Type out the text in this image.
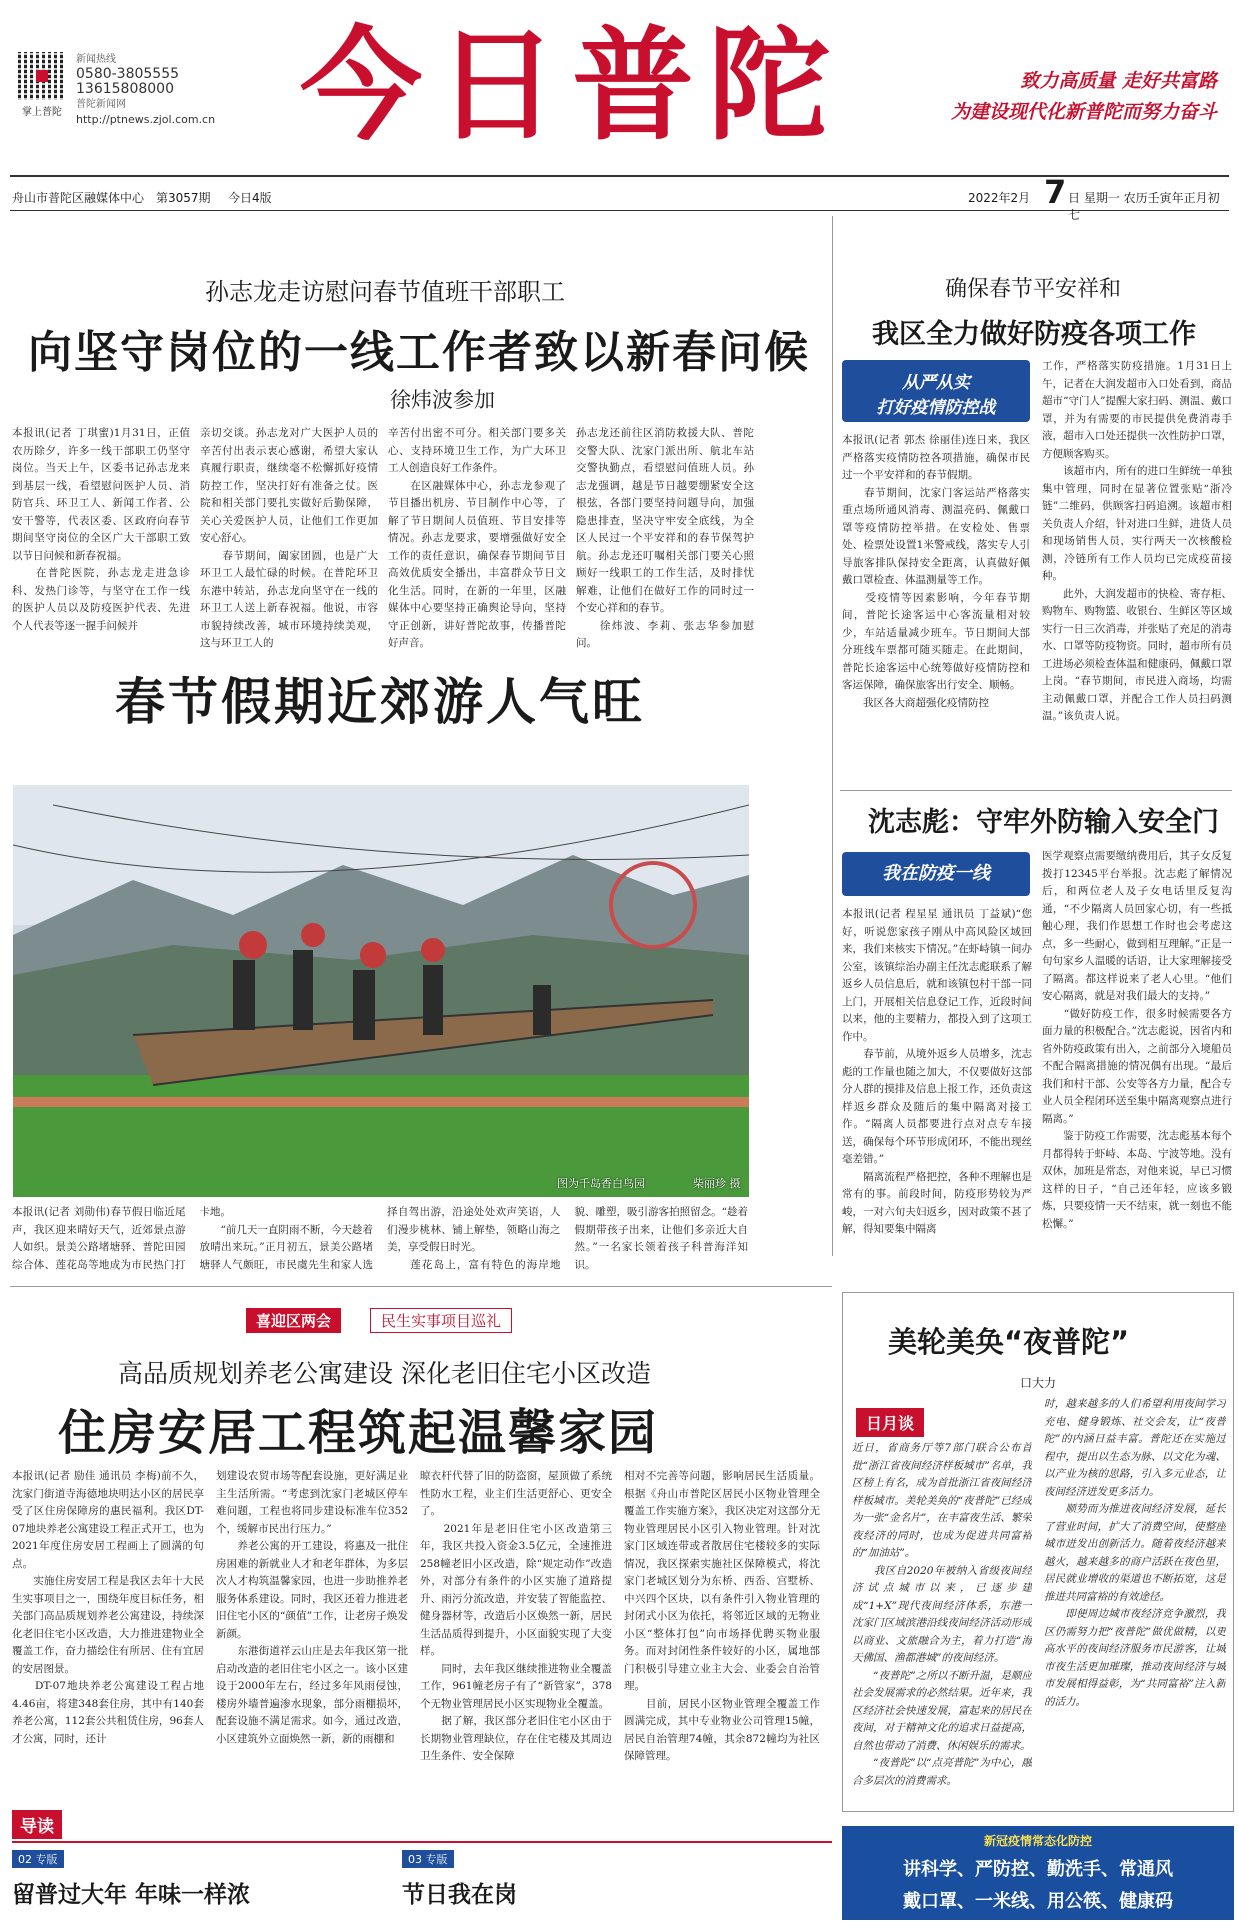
掌上普陀
新闻热线
0580-3805555
13615808000
普陀新闻网
http://ptnews.zjol.com.cn 今日普陀	致力高质量 走好共富路
为建设现代化新普陀而努力奋斗
舟山市普陀区融媒体中心 第3057期 今日4版	2022年2月 7 日 星期一 农历壬寅年正月初七
孙志龙走访慰问春节值班干部职工
向坚守岗位的一线工作者致以新春问候
徐炜波参加
本报讯(记者 丁琪蜜)1月31日，正值农历除夕，许多一线干部职工仍坚守岗位。当天上午，区委书记孙志龙来到基层一线，看望慰问医护人员、消防官兵、环卫工人、新闻工作者、公安干警等，代表区委、区政府向春节期间坚守岗位的全区广大干部职工致以节日问候和新春祝福。
　　在普陀医院，孙志龙走进急诊科、发热门诊等，与坚守在工作一线的医护人员以及防疫医护代表、先进个人代表等逐一握手问候并
亲切交谈。孙志龙对广大医护人员的辛苦付出表示衷心感谢，希望大家认真履行职责，继续毫不松懈抓好疫情防控工作，坚决打好有准备之仗。医院和相关部门要扎实做好后勤保障，关心关爱医护人员，让他们工作更加安心舒心。
　　春节期间，阖家团圆，也是广大环卫工人最忙碌的时候。在普陀环卫东港中转站，孙志龙向坚守在一线的环卫工人送上新春祝福。他说，市容市貌持续改善，城市环境持续美观，这与环卫工人的
辛苦付出密不可分。相关部门要多关心、支持环境卫生工作，为广大环卫工人创造良好工作条件。
　　在区融媒体中心，孙志龙参观了节目播出机房、节目制作中心等，了解了节日期间人员值班、节目安排等情况。孙志龙要求，要增强做好安全工作的责任意识，确保春节期间节目高效优质安全播出，丰富群众节日文化生活。同时，在新的一年里，区融媒体中心要坚持正确舆论导向，坚持守正创新，讲好普陀故事，传播普陀好声音。
孙志龙还前往区消防救援大队、普陀交警大队、沈家门派出所、航北车站交警执勤点，看望慰问值班人员。孙志龙强调，越是节日越要绷紧安全这根弦，各部门要坚持问题导向，加强隐患排查，坚决守牢安全底线，为全区人民过一个平安祥和的春节保驾护航。孙志龙还叮嘱相关部门要关心照顾好一线职工的工作生活，及时排忧解难，让他们在做好工作的同时过一个安心祥和的春节。
　　徐炜波、李莉、张志华参加慰问。
确保春节平安祥和
我区全力做好防疫各项工作
从严从实
打好疫情防控战
本报讯(记者 郭杰 徐丽佳)连日来，我区严格落实疫情防控各项措施，确保市民过一个平安祥和的春节假期。
　　春节期间，沈家门客运站严格落实重点场所通风消毒、测温亮码、佩戴口罩等疫情防控举措。在安检处、售票处、检票处设置1米警戒线，落实专人引导旅客排队保持安全距离，认真做好佩戴口罩检查、体温测量等工作。
　　受疫情等因素影响，今年春节期间，普陀长途客运中心客流量相对较少，车站适量减少班车。节日期间大部分班线车票都可随买随走。在此期间，普陀长途客运中心统筹做好疫情防控和客运保障，确保旅客出行安全、顺畅。
　　我区各大商超强化疫情防控
工作，严格落实防疫措施。1月31日上午，记者在大润发超市入口处看到，商品超市“守门人”提醒大家扫码、测温、戴口罩，并为有需要的市民提供免费消毒手液，超市入口处还提供一次性防护口罩，方便顾客购买。
　　该超市内，所有的进口生鲜统一单独集中管理，同时在显著位置张贴“浙冷链”二维码，供顾客扫码追溯。该超市相关负责人介绍，针对进口生鲜，进货人员和现场销售人员，实行两天一次核酸检测，冷链所有工作人员均已完成疫苗接种。
　　此外，大润发超市的快检、寄存柜、购物车、购物篮、收银台、生鲜区等区域实行一日三次消毒，并张贴了充足的消毒水、口罩等防疫物资。同时，超市所有员工进场必须检查体温和健康码，佩戴口罩上岗。“春节期间，市民进入商场，均需主动佩戴口罩，并配合工作人员扫码测温。”该负责人说。
春节假期近郊游人气旺
图为千岛香白鸟园	柴丽珍 摄
本报讯(记者 刘勋伟)春节假日临近尾声，我区迎来晴好天气，近郊景点游人如织。景美公路堵塘驿、普陀田园综合体、莲花岛等地成为市民热门打卡地。
　　“前几天一直阴雨不断，今天趁着放晴出来玩。”正月初五，景美公路堵塘驿人气颇旺，市民虞先生和家人选择自驾出游，沿途处处欢声笑语，人们漫步桃林、铺上解垫，领略山海之美，享受假日时光。
　　莲花岛上，富有特色的海岸地貌、雕塑，吸引游客拍照留念。“趁着假期带孩子出来，让他们多亲近大自然。”一名家长领着孩子科普海洋知识。
沈志彪：守牢外防输入安全门
我在防疫一线
本报讯(记者 程星星 通讯员 丁益斌)“您好，听说您家孩子刚从中高风险区域回来，我们来核实下情况。”在虾峙镇一间办公室，该镇综治办副主任沈志彪联系了解返乡人员信息后，就和该镇包村干部一同上门，开展相关信息登记工作，近段时间以来，他的主要精力，都投入到了这项工作中。
　　春节前，从境外返乡人员增多，沈志彪的工作量也随之加大，不仅要做好这部分人群的摸排及信息上报工作，还负责这样返乡群众及随后的集中隔离对接工作。“隔离人员都要进行点对点专车接送，确保每个环节形成闭环，不能出现丝毫差错。”
　　隔离流程严格把控，各种不理解也是常有的事。前段时间，防疫形势较为严峻，一对六旬夫妇返乡，因对政策不甚了解，得知要集中隔离
医学观察点需要缴纳费用后，其子女反复拨打12345平台举报。沈志彪了解情况后，和两位老人及子女电话里反复沟通，“不少隔离人员回家心切，有一些抵触心理，我们作思想工作时也会考虑这点，多一些耐心，做到相互理解。”正是一句句家乡人温暖的话语，让大家理解接受了隔离。都这样说来了老人心里。“他们安心隔离，就是对我们最大的支持。”
　　“做好防疫工作，很多时候需要各方面力量的积极配合。”沈志彪说，因省内和省外防疫政策有出入，之前部分入境船员不配合隔离措施的情况偶有出现。“最后我们和村干部、公安等各方力量，配合专业人员全程闭环送至集中隔离观察点进行隔离。”
　　鉴于防疫工作需要，沈志彪基本每个月都得转于虾峙、本岛、宁波等地。没有双休，加班是常态，对他来说，早已习惯这样的日子，“自己还年轻，应该多锻炼，只要疫情一天不结束，就一刻也不能松懈。”
喜迎区两会	民生实事项目巡礼
高品质规划养老公寓建设 深化老旧住宅小区改造
住房安居工程筑起温馨家园
本报讯(记者 励佳 通讯员 李梅)前不久，沈家门街道寺海德地块明达小区的居民享受了区住房保障房的惠民福利。我区DT-07地块养老公寓建设工程正式开工，也为2021年度住房安居工程画上了圆满的句点。
　　实施住房安居工程是我区去年十大民生实事项目之一，围绕年度目标任务，相关部门高品质规划养老公寓建设，持续深化老旧住宅小区改造，大力推进建物业全覆盖工作，奋力描绘住有所居、住有宜居的安居图景。
　　DT-07地块养老公寓建设工程占地4.46亩，将建348套住房，其中有140套养老公寓，112套公共租赁住房，96套人才公寓，同时，还计
划建设农贸市场等配套设施，更好满足业主生活所需。“考虑到沈家门老城区停车难问题，工程也将同步建设标准车位352个，缓解市民出行压力。”
　　养老公寓的开工建设，将惠及一批住房困难的新就业人才和老年群体，为多层次人才构筑温馨家园，也进一步助推养老服务体系建设。同时，我区还着力推进老旧住宅小区的“颜值”工作，让老房子焕发新颜。
　　东港街道祥云山庄是去年我区第一批启动改造的老旧住宅小区之一。该小区建设于2000年左右，经过多年风雨侵蚀，楼房外墙普遍渗水现象，部分雨棚损坏，配套设施不满足需求。如今，通过改造，小区建筑外立面焕然一新，新的雨棚和
晾衣杆代替了旧的防盗窗，屋顶做了系统性防水工程，业主们生活更舒心、更安全了。
　　2021年是老旧住宅小区改造第三年，我区共投入资金3.5亿元，全速推进258幢老旧小区改造，除“规定动作”改造外，对部分有条件的小区实施了道路提升、雨污分流改造，并安装了智能监控、健身器材等，改造后小区焕然一新，居民生活品质得到提升，小区面貌实现了大变样。
　　同时，去年我区继续推进物业全覆盖工作，961幢老房子有了“新管家”，378个无物业管理居民小区实现物业全覆盖。
　　据了解，我区部分老旧住宅小区由于长期物业管理缺位，存在住宅楼及其周边卫生条件、安全保障
相对不完善等问题，影响居民生活质量。根据《舟山市普陀区居民小区物业管理全覆盖工作实施方案》，我区决定对这部分无物业管理居民小区引入物业管理。针对沈家门区域连带或者散居住宅楼较多的实际情况，我区探索实施社区保障模式，将沈家门老城区划分为东桥、西岙、宫墅桥、中兴四个区块，以有条件引入物业管理的封闭式小区为依托，将邻近区域的无物业小区“整体打包”向市场择优聘买物业服务。而对封闭性条件较好的小区，属地部门积极引导建立业主大会、业委会自治管理。
　　目前，居民小区物业管理全覆盖工作圆满完成，其中专业物业公司管理15幢，居民自治管理74幢，其余872幢均为社区保障管理。
美轮美奂“夜普陀”
口大力
日月谈
近日，省商务厅等7部门联合公布首批“浙江省夜间经济样板城市”名单，我区榜上有名，成为首批浙江省夜间经济样板城市。美轮美奂的“夜普陀”已经成为一张“金名片”，在丰富夜生活、繁荣夜经济的同时，也成为促进共同富裕的“加油站”。
　　我区自2020年被纳入省级夜间经济试点城市以来，已逐步建成“1+X”现代夜间经济体系，东港一沈家门区域滨港沿线夜间经济活动形成以商业、文旅融合为主，着力打造“海天佛国、渔都港城”的夜间经济。
　　“夜普陀”之所以不断升温，是顺应社会发展需求的必然结果。近年来，我区经济社会快速发展，富起来的居民在夜间，对于精神文化的追求日益提高，自然也带动了消费、休闲娱乐的需求。
　　“夜普陀”以“点亮普陀”为中心，融合多层次的消费需求。
时，越来越多的人们希望利用夜间学习充电、健身锻炼、社交会友，让“夜普陀”的内涵日益丰富。普陀还在实施过程中，提出以生态为脉、以文化为魂、以产业为核的思路，引入多元业态，让夜间经济迸发更多活力。
　　顺势而为推进夜间经济发展，延长了营业时间，扩大了消费空间，使整座城市迸发出创新活力。随着夜经济越来越火，越来越多的商户活跃在夜色里，居民就业增收的渠道也不断拓宽，这是推进共同富裕的有效途径。
　　即便周边城市夜经济竞争激烈，我区仍需努力把“夜普陀”做优做精，以更高水平的夜间经济服务市民游客，让城市夜生活更加璀璨，推动夜间经济与城市发展相得益彰，为“共同富裕”注入新的活力。
新冠疫情常态化防控
讲科学、严防控、勤洗手、常通风
戴口罩、一米线、用公筷、健康码
导读
02 专版
留普过大年 年味一样浓
03 专版
节日我在岗
